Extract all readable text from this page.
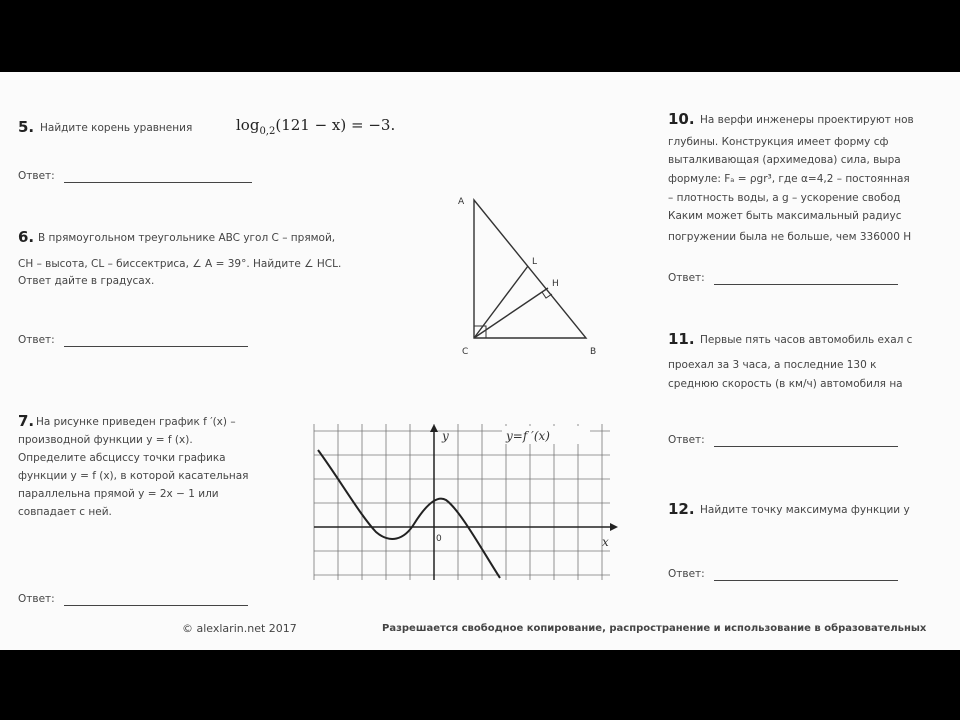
5. Найдите корень уравнения	$\log_{0,2}(121 - x) = -3$.
Ответ:
6. В прямоугольном треугольнике ABC угол C – прямой,
CH – высота, CL – биссектриса, ∠ A = 39°. Найдите ∠ HCL.
Ответ дайте в градусах.
Ответ:
A
C	B
L
H
7. На рисунке приведен график f ′(x) –
производной функции y = f (x).
Определите абсциссу точки графика
функции y = f (x), в которой касательная
параллельна прямой y = 2x − 1 или
совпадает с ней.
Ответ:
y=f ′(x)
y
x
0
10. На верфи инженеры проектируют нов
глубины. Конструкция имеет форму сф
выталкивающая (архимедова) сила, выра
формуле: Fₐ = ρgr³, где α=4,2 – постоянная
– плотность воды, а g – ускорение свобод
Каким может быть максимальный радиус
погружении была не больше, чем 336000 Н
Ответ:
11. Первые пять часов автомобиль ехал с
проехал за 3 часа, а последние 130 к
среднюю скорость (в км/ч) автомобиля на
Ответ:
12. Найдите точку максимума функции y
Ответ:
© alexlarin.net 2017	Разрешается свободное копирование, распространение и использование в образовательных
